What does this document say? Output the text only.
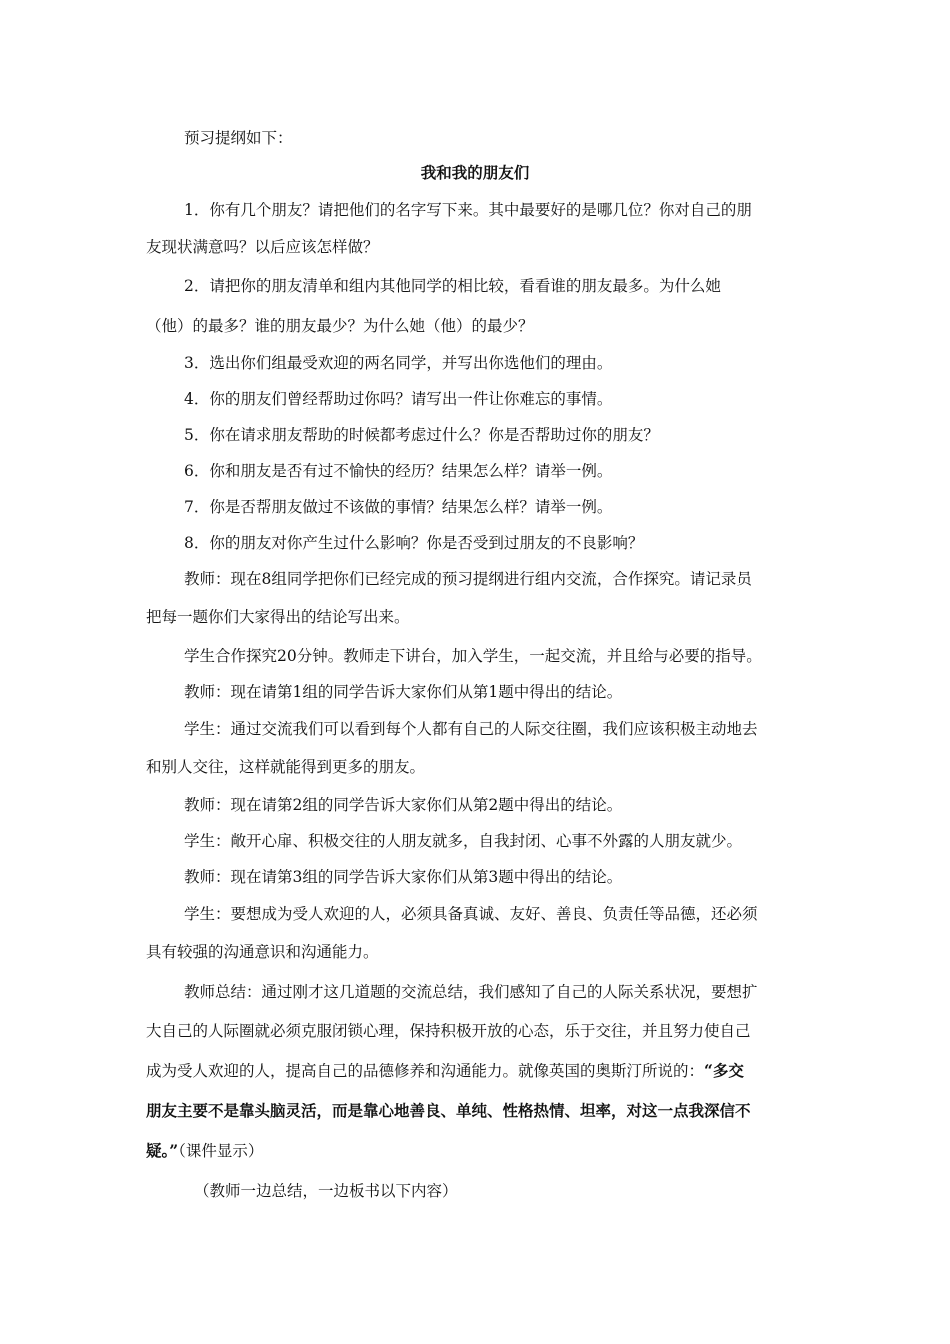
预习提纲如下：
我和我的朋友们
1．你有几个朋友？请把他们的名字写下来。其中最要好的是哪几位？你对自己的朋
友现状满意吗？以后应该怎样做？
2．请把你的朋友清单和组内其他同学的相比较，看看谁的朋友最多。为什么她
（他）的最多？谁的朋友最少？为什么她（他）的最少？
3．选出你们组最受欢迎的两名同学，并写出你选他们的理由。
4．你的朋友们曾经帮助过你吗？请写出一件让你难忘的事情。
5．你在请求朋友帮助的时候都考虑过什么？你是否帮助过你的朋友？
6．你和朋友是否有过不愉快的经历？结果怎么样？请举一例。
7．你是否帮朋友做过不该做的事情？结果怎么样？请举一例。
8．你的朋友对你产生过什么影响？你是否受到过朋友的不良影响？
教师：现在8组同学把你们已经完成的预习提纲进行组内交流，合作探究。请记录员
把每一题你们大家得出的结论写出来。
学生合作探究20分钟。教师走下讲台，加入学生，一起交流，并且给与必要的指导。
教师：现在请第1组的同学告诉大家你们从第1题中得出的结论。
学生：通过交流我们可以看到每个人都有自己的人际交往圈，我们应该积极主动地去
和别人交往，这样就能得到更多的朋友。
教师：现在请第2组的同学告诉大家你们从第2题中得出的结论。
学生：敞开心扉、积极交往的人朋友就多，自我封闭、心事不外露的人朋友就少。
教师：现在请第3组的同学告诉大家你们从第3题中得出的结论。
学生：要想成为受人欢迎的人，必须具备真诚、友好、善良、负责任等品德，还必须
具有较强的沟通意识和沟通能力。
教师总结：通过刚才这几道题的交流总结，我们感知了自己的人际关系状况，要想扩
大自己的人际圈就必须克服闭锁心理，保持积极开放的心态，乐于交往，并且努力使自己
成为受人欢迎的人，提高自己的品德修养和沟通能力。就像英国的奥斯汀所说的：“多交
朋友主要不是靠头脑灵活，而是靠心地善良、单纯、性格热情、坦率，对这一点我深信不
疑。”（课件显示）
（教师一边总结，一边板书以下内容）
